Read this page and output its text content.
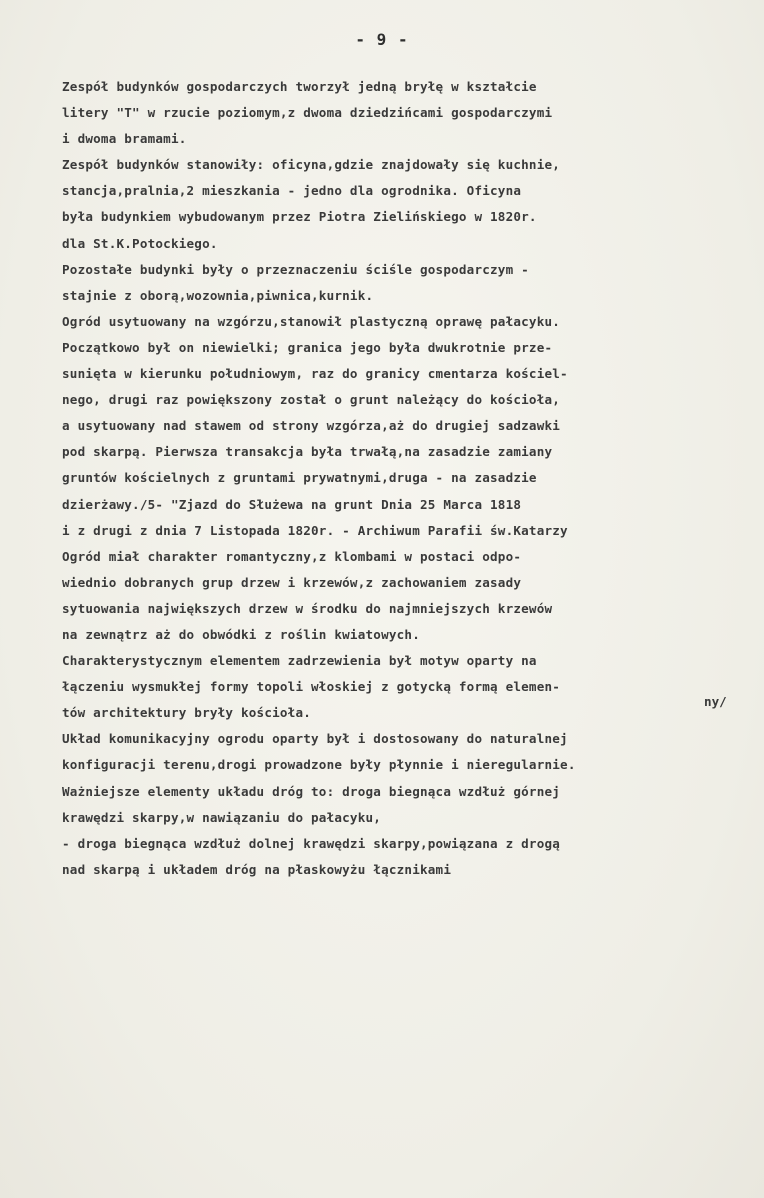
- 9 -
Zespół budynków gospodarczych tworzył jedną bryłę w kształcie
litery "T" w rzucie poziomym,z dwoma dziedzińcami gospodarczymi
i dwoma bramami.
Zespół budynków stanowiły: oficyna,gdzie znajdowały się kuchnie,
stancja,pralnia,2 mieszkania - jedno dla ogrodnika. Oficyna
była budynkiem wybudowanym przez Piotra Zielińskiego w 1820r.
dla St.K.Potockiego.
Pozostałe budynki były o przeznaczeniu ściśle gospodarczym -
stajnie z oborą,wozownia,piwnica,kurnik.
Ogród usytuowany na wzgórzu,stanowił plastyczną oprawę pałacyku.
Początkowo był on niewielki; granica jego była dwukrotnie prze-
sunięta w kierunku południowym, raz do granicy cmentarza kościel-
nego, drugi raz powiększony został o grunt należący do kościoła,
a usytuowany nad stawem od strony wzgórza,aż do drugiej sadzawki
pod skarpą. Pierwsza transakcja była trwałą,na zasadzie zamiany
gruntów kościelnych z gruntami prywatnymi,druga - na zasadzie
dzierżawy./5- "Zjazd do Służewa na grunt Dnia 25 Marca 1818
i z drugi z dnia 7 Listopada 1820r. - Archiwum Parafii św.Katarzy
Ogród miał charakter romantyczny,z klombami w postaci odpo-
wiednio dobranych grup drzew i krzewów,z zachowaniem zasady
sytuowania największych drzew w środku do najmniejszych krzewów
na zewnątrz aż do obwódki z roślin kwiatowych.
Charakterystycznym elementem zadrzewienia był motyw oparty na
łączeniu wysmukłej formy topoli włoskiej z gotycką formą elemen-
tów architektury bryły kościoła.
Układ komunikacyjny ogrodu oparty był i dostosowany do naturalnej
konfiguracji terenu,drogi prowadzone były płynnie i nieregularnie.
Ważniejsze elementy układu dróg to: droga biegnąca wzdłuż górnej
krawędzi skarpy,w nawiązaniu do pałacyku,
- droga biegnąca wzdłuż dolnej krawędzi skarpy,powiązana z drogą
nad skarpą i układem dróg na płaskowyżu łącznikami
ny/
